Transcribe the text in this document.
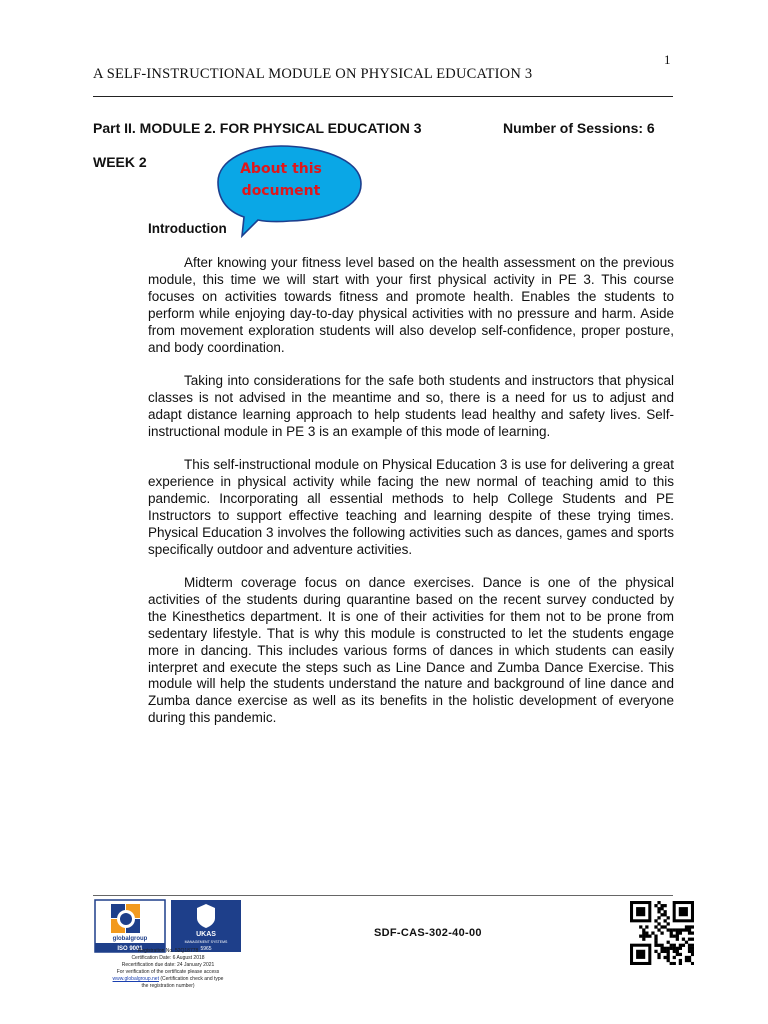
1
A SELF-INSTRUCTIONAL MODULE ON PHYSICAL EDUCATION 3
Part II. MODULE 2. FOR PHYSICAL EDUCATION 3	Number of Sessions: 6
WEEK 2	About this document
Introduction

After knowing your fitness level based on the health assessment on the previous module, this time we will start with your first physical activity in PE 3. This course focuses on activities towards fitness and promote health. Enables the students to perform while enjoying day-to-day physical activities with no pressure and harm. Aside from movement exploration students will also develop self-confidence, proper posture, and body coordination.

Taking into considerations for the safe both students and instructors that physical classes is not advised in the meantime and so, there is a need for us to adjust and adapt distance learning approach to help students lead healthy and safety lives. Self-instructional module in PE 3 is an example of this mode of learning.

This self-instructional module on Physical Education 3 is use for delivering a great experience in physical activity while facing the new normal of teaching amid to this pandemic. Incorporating all essential methods to help College Students and PE Instructors to support effective teaching and learning despite of these trying times. Physical Education 3 involves the following activities such as dances, games and sports specifically outdoor and adventure activities.

Midterm coverage focus on dance exercises. Dance is one of the physical activities of the students during quarantine based on the recent survey conducted by the Kinesthetics department. It is one of their activities for them not to be prone from sedentary lifestyle. That is why this module is constructed to let the students engage more in dancing. This includes various forms of dances in which students can easily interpret and execute the steps such as Line Dance and Zumba Dance Exercise. This module will help the students understand the nature and background of line dance and Zumba dance exercise as well as its benefits in the holistic development of everyone during this pandemic.

globalgroup
ISO 9001
UKAS
MANAGEMENT SYSTEMS
5965
Registration No. 52Q18778
Certification Date: 6 August 2018
Recertification due date: 24 January 2021
For verification of the certificate please access
www.globalgroup.net (Certification check and type
the registration number)
SDF-CAS-302-40-00
